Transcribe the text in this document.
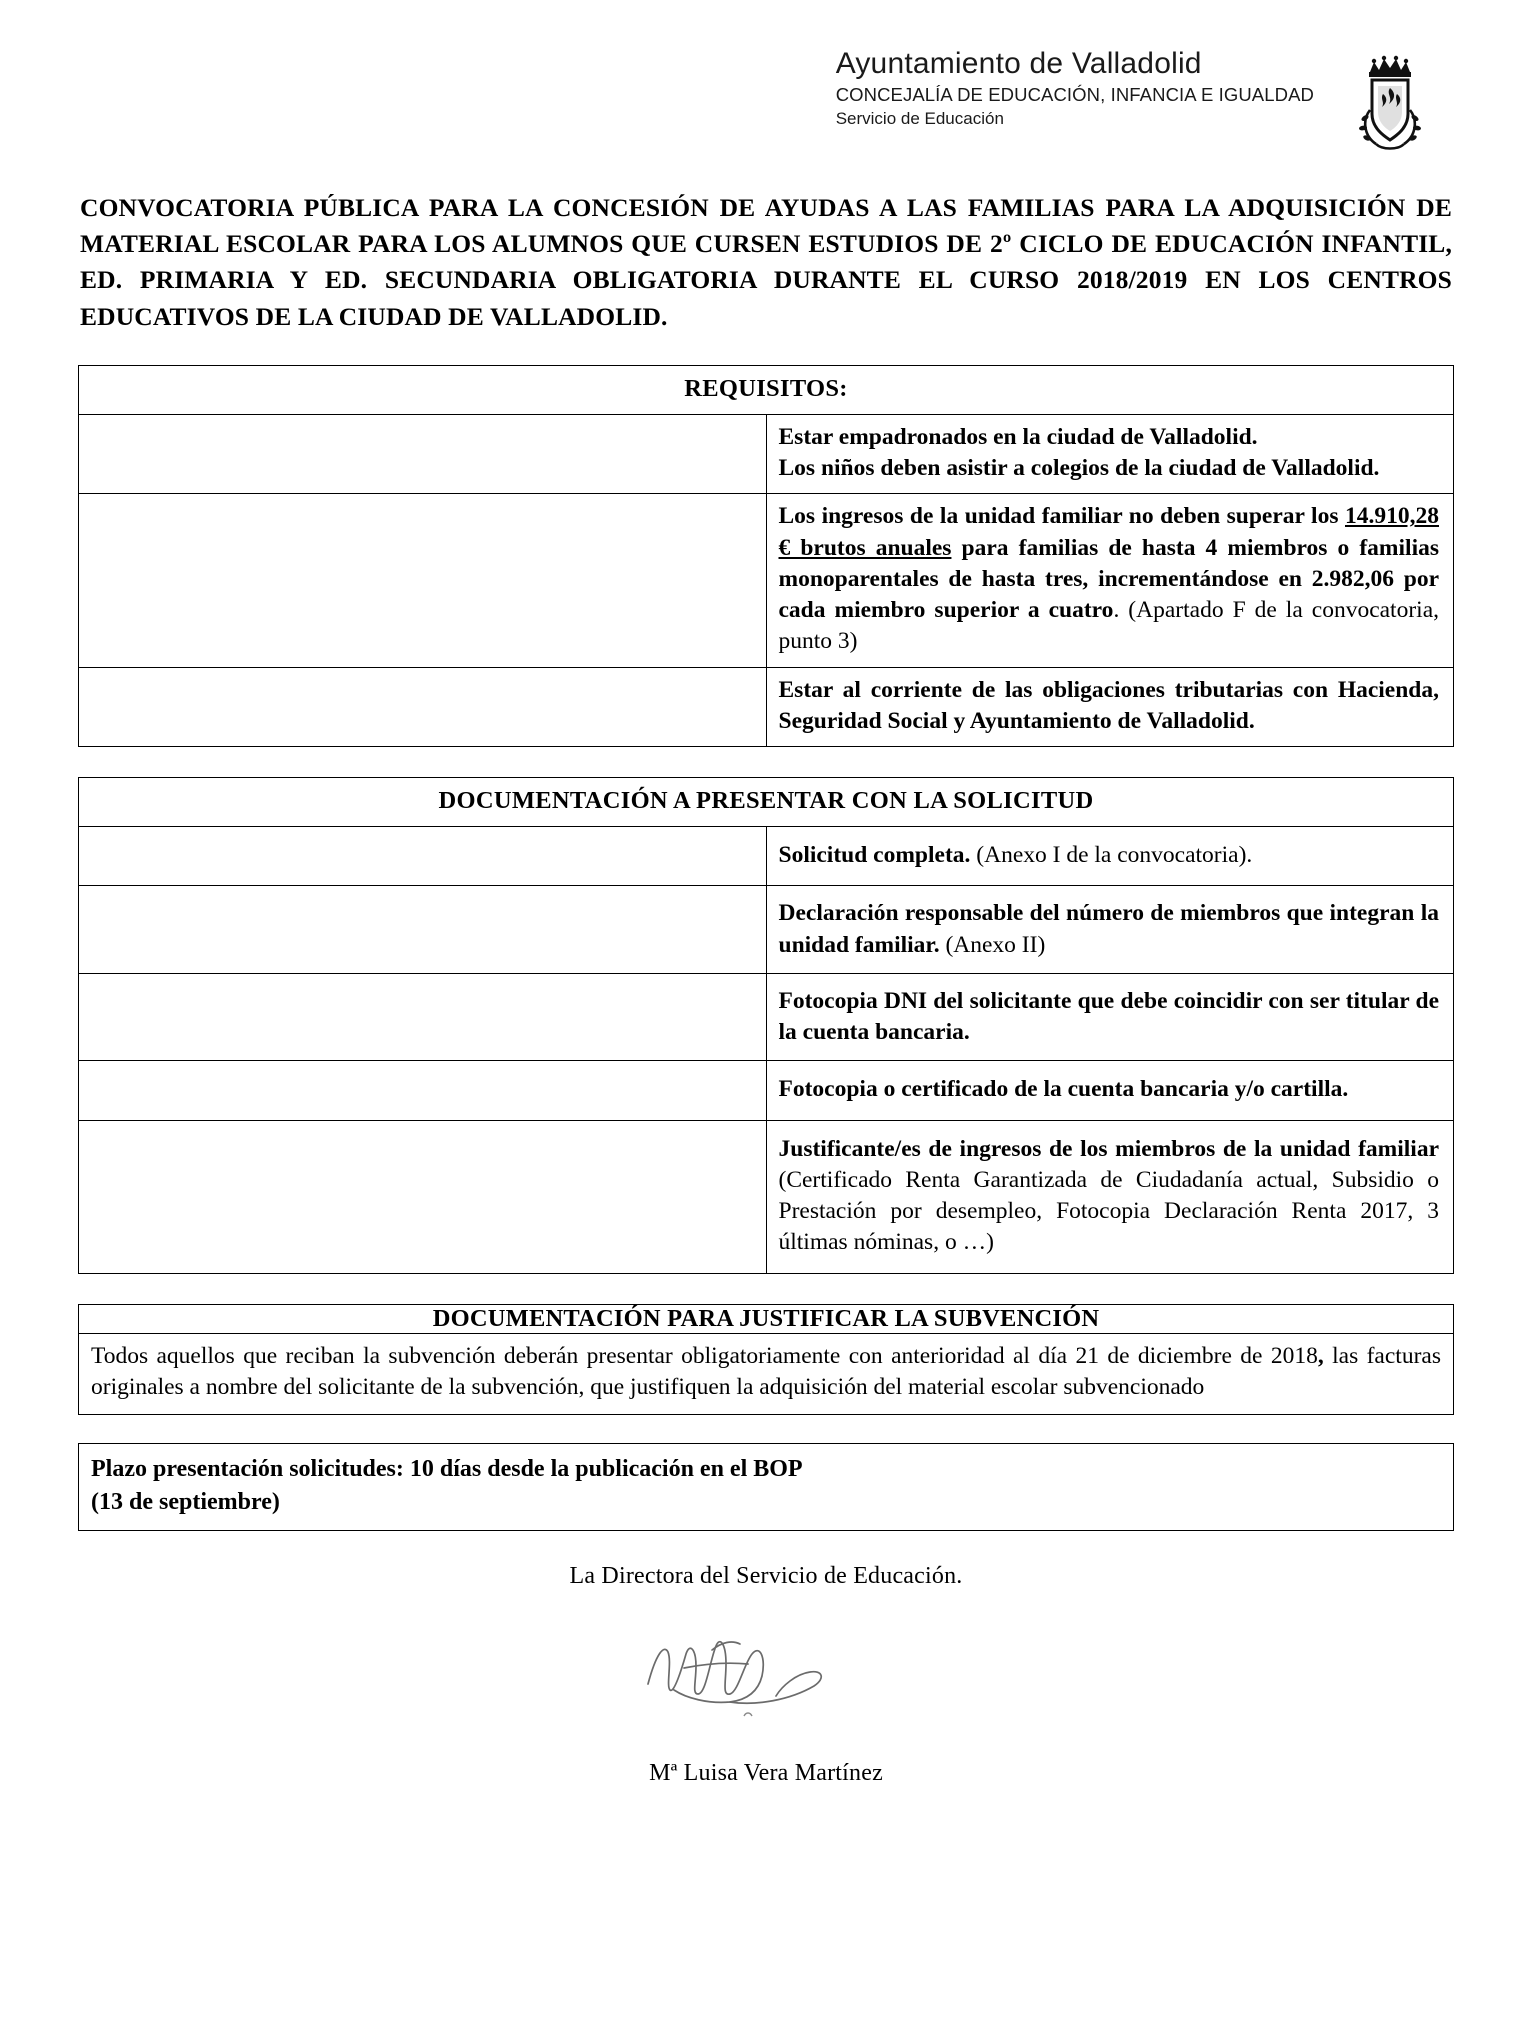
Ayuntamiento de Valladolid
CONCEJALÍA DE EDUCACIÓN, INFANCIA E IGUALDAD
Servicio de Educación
CONVOCATORIA PÚBLICA PARA LA CONCESIÓN DE AYUDAS A LAS FAMILIAS PARA LA ADQUISICIÓN DE MATERIAL ESCOLAR PARA LOS ALUMNOS QUE CURSEN ESTUDIOS DE 2º CICLO DE EDUCACIÓN INFANTIL, ED. PRIMARIA Y ED. SECUNDARIA OBLIGATORIA DURANTE EL CURSO 2018/2019 EN LOS CENTROS EDUCATIVOS DE LA CIUDAD DE VALLADOLID.
REQUISITOS:	

	Estar empadronados en la ciudad de Valladolid.
Los niños deben asistir a colegios de la ciudad de Valladolid.

	Los ingresos de la unidad familiar no deben superar los 14.910,28 € brutos anuales para familias de hasta 4 miembros o familias monoparentales de hasta tres, incrementándose en 2.982,06 por cada miembro superior a cuatro. (Apartado F de la convocatoria, punto 3)

	Estar al corriente de las obligaciones tributarias con Hacienda, Seguridad Social y Ayuntamiento de Valladolid.
DOCUMENTACIÓN A PRESENTAR CON LA SOLICITUD	

	Solicitud completa. (Anexo I de la convocatoria).

	Declaración responsable del número de miembros que integran la unidad familiar. (Anexo II)

	Fotocopia DNI del solicitante que debe coincidir con ser titular de la cuenta bancaria.

	Fotocopia o certificado de la cuenta bancaria y/o cartilla.

	Justificante/es de ingresos de los miembros de la unidad familiar (Certificado Renta Garantizada de Ciudadanía actual, Subsidio o Prestación por desempleo, Fotocopia Declaración Renta 2017, 3 últimas nóminas, o …)
DOCUMENTACIÓN PARA JUSTIFICAR LA SUBVENCIÓN

Todos aquellos que reciban la subvención deberán presentar obligatoriamente con anterioridad al día 21 de diciembre de 2018, las facturas originales a nombre del solicitante de la subvención, que justifiquen la adquisición del material escolar subvencionado
Plazo presentación solicitudes: 10 días desde la publicación en el BOP
(13 de septiembre)
La Directora del Servicio de Educación.
Mª Luisa Vera Martínez
